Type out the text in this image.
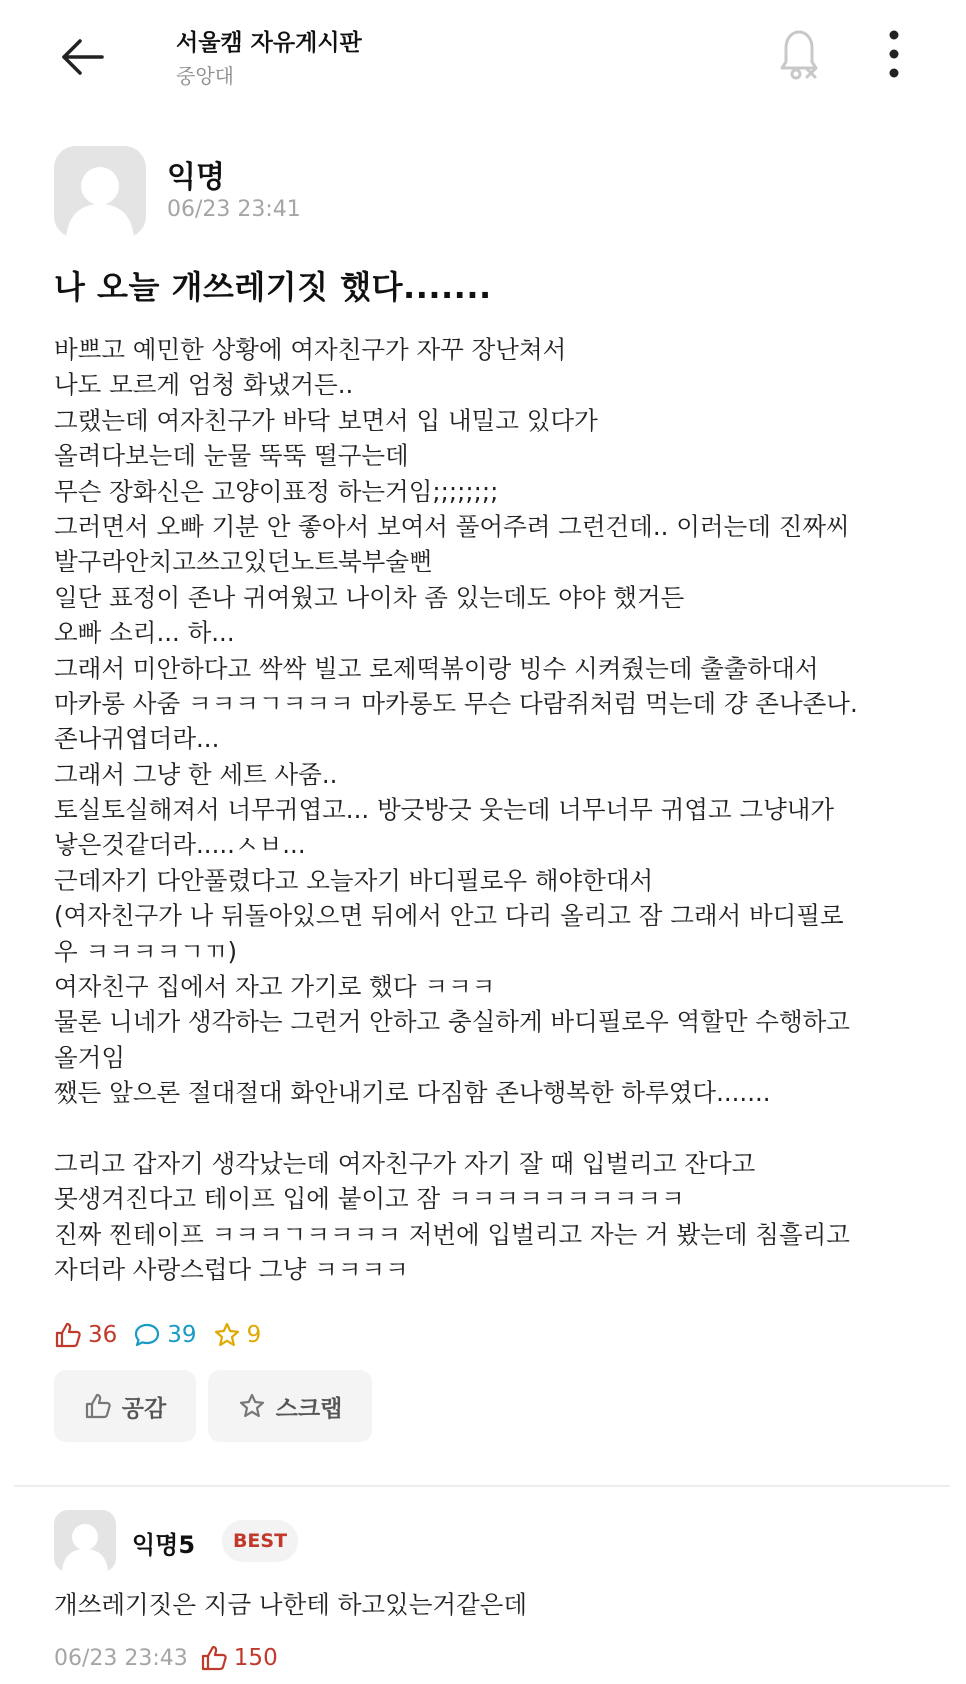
서울캠 자유게시판
중앙대
익명
06/23 23:41
나 오늘 개쓰레기짓 했다.......
바쁘고 예민한 상황에 여자친구가 자꾸 장난쳐서
나도 모르게 엄청 화냈거든..
그랬는데 여자친구가 바닥 보면서 입 내밀고 있다가
올려다보는데 눈물 뚝뚝 떨구는데
무슨 장화신은 고양이표정 하는거임;;;;;;;;
그러면서 오빠 기분 안 좋아서 보여서 풀어주려 그런건데.. 이러는데 진짜씨
발구라안치고쓰고있던노트북부술뻔
일단 표정이 존나 귀여웠고 나이차 좀 있는데도 야야 했거든
오빠 소리... 하...
그래서 미안하다고 싹싹 빌고 로제떡볶이랑 빙수 시켜줬는데 출출하대서
마카롱 사줌 ㅋㅋㅋㄱㅋㅋㅋ 마카롱도 무슨 다람쥐처럼 먹는데 걍 존나존나.
존나귀엽더라...
그래서 그냥 한 세트 사줌..
토실토실해져서 너무귀엽고... 방긋방긋 웃는데 너무너무 귀엽고 그냥내가
낳은것같더라.....ㅅㅂ...
근데자기 다안풀렸다고 오늘자기 바디필로우 해야한대서
(여자친구가 나 뒤돌아있으면 뒤에서 안고 다리 올리고 잠 그래서 바디필로
우 ㅋㅋㅋㅋㄱㄲ)
여자친구 집에서 자고 가기로 했다 ㅋㅋㅋ
물론 니네가 생각하는 그런거 안하고 충실하게 바디필로우 역할만 수행하고
올거임
쨌든 앞으론 절대절대 화안내기로 다짐함 존나행복한 하루였다.......
그리고 갑자기 생각났는데 여자친구가 자기 잘 때 입벌리고 잔다고
못생겨진다고 테이프 입에 붙이고 잠 ㅋㅋㅋㅋㅋㅋㅋㅋㅋㅋ
진짜 찐테이프 ㅋㅋㅋㄱㅋㅋㅋㅋ 저번에 입벌리고 자는 거 봤는데 침흘리고
자더라 사랑스럽다 그냥 ㅋㅋㅋㅋ
36 39 9
공감	스크랩
익명5	BEST
개쓰레기짓은 지금 나한테 하고있는거같은데
06/23 23:43 150
